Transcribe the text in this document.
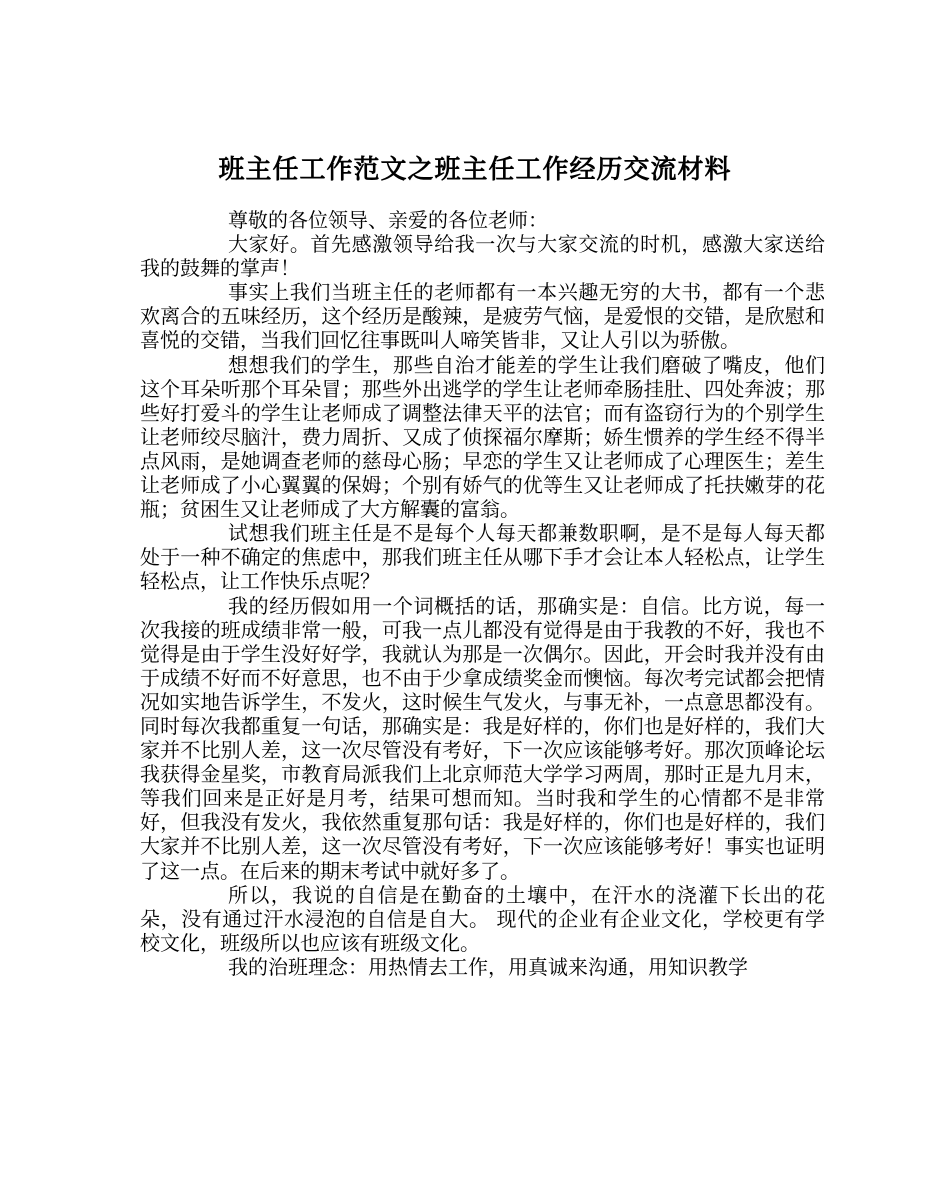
班主任工作范文之班主任工作经历交流材料

尊敬的各位领导、亲爱的各位老师：

大家好。首先感激领导给我一次与大家交流的时机，感激大家送给我的鼓舞的掌声！

事实上我们当班主任的老师都有一本兴趣无穷的大书，都有一个悲欢离合的五味经历，这个经历是酸辣，是疲劳气恼，是爱恨的交错，是欣慰和喜悦的交错，当我们回忆往事既叫人啼笑皆非，又让人引以为骄傲。

想想我们的学生，那些自治才能差的学生让我们磨破了嘴皮，他们这个耳朵听那个耳朵冒；那些外出逃学的学生让老师牵肠挂肚、四处奔波；那些好打爱斗的学生让老师成了调整法律天平的法官；而有盗窃行为的个别学生让老师绞尽脑汁，费力周折、又成了侦探福尔摩斯；娇生惯养的学生经不得半点风雨，是她调查老师的慈母心肠；早恋的学生又让老师成了心理医生；差生让老师成了小心翼翼的保姆；个别有娇气的优等生又让老师成了托扶嫩芽的花瓶；贫困生又让老师成了大方解囊的富翁。

试想我们班主任是不是每个人每天都兼数职啊，是不是每人每天都处于一种不确定的焦虑中，那我们班主任从哪下手才会让本人轻松点，让学生轻松点，让工作快乐点呢？

我的经历假如用一个词概括的话，那确实是：自信。比方说，每一次我接的班成绩非常一般，可我一点儿都没有觉得是由于我教的不好，我也不觉得是由于学生没好好学，我就认为那是一次偶尔。因此，开会时我并没有由于成绩不好而不好意思，也不由于少拿成绩奖金而懊恼。每次考完试都会把情况如实地告诉学生，不发火，这时候生气发火，与事无补，一点意思都没有。同时每次我都重复一句话，那确实是：我是好样的，你们也是好样的，我们大家并不比别人差，这一次尽管没有考好，下一次应该能够考好。那次顶峰论坛我获得金星奖，市教育局派我们上北京师范大学学习两周，那时正是九月末，等我们回来是正好是月考，结果可想而知。当时我和学生的心情都不是非常好，但我没有发火，我依然重复那句话：我是好样的，你们也是好样的，我们大家并不比别人差，这一次尽管没有考好，下一次应该能够考好！事实也证明了这一点。在后来的期末考试中就好多了。

所以，我说的自信是在勤奋的土壤中，在汗水的浇灌下长出的花朵，没有通过汗水浸泡的自信是自大。 现代的企业有企业文化，学校更有学校文化，班级所以也应该有班级文化。

我的治班理念：用热情去工作，用真诚来沟通，用知识教学
